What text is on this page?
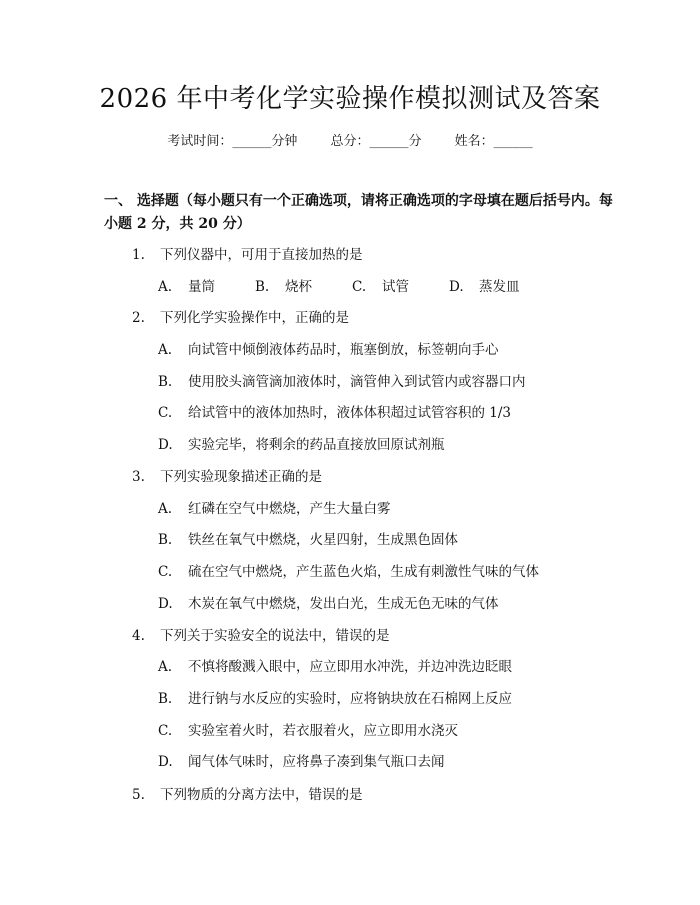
2026 年中考化学实验操作模拟测试及答案
考试时间：______分钟	总分：______分	姓名：______
一、 选择题（每小题只有一个正确选项，请将正确选项的字母填在题后括号内。每小题 2 分，共 20 分）
1. 下列仪器中，可用于直接加热的是
A. 量筒	B. 烧杯	C. 试管	D. 蒸发皿
2. 下列化学实验操作中，正确的是
A. 向试管中倾倒液体药品时，瓶塞倒放，标签朝向手心
B. 使用胶头滴管滴加液体时，滴管伸入到试管内或容器口内
C. 给试管中的液体加热时，液体体积超过试管容积的 1/3
D. 实验完毕，将剩余的药品直接放回原试剂瓶
3. 下列实验现象描述正确的是
A. 红磷在空气中燃烧，产生大量白雾
B. 铁丝在氧气中燃烧，火星四射，生成黑色固体
C. 硫在空气中燃烧，产生蓝色火焰，生成有刺激性气味的气体
D. 木炭在氧气中燃烧，发出白光，生成无色无味的气体
4. 下列关于实验安全的说法中，错误的是
A. 不慎将酸溅入眼中，应立即用水冲洗，并边冲洗边眨眼
B. 进行钠与水反应的实验时，应将钠块放在石棉网上反应
C. 实验室着火时，若衣服着火，应立即用水浇灭
D. 闻气体气味时，应将鼻子凑到集气瓶口去闻
5. 下列物质的分离方法中，错误的是
